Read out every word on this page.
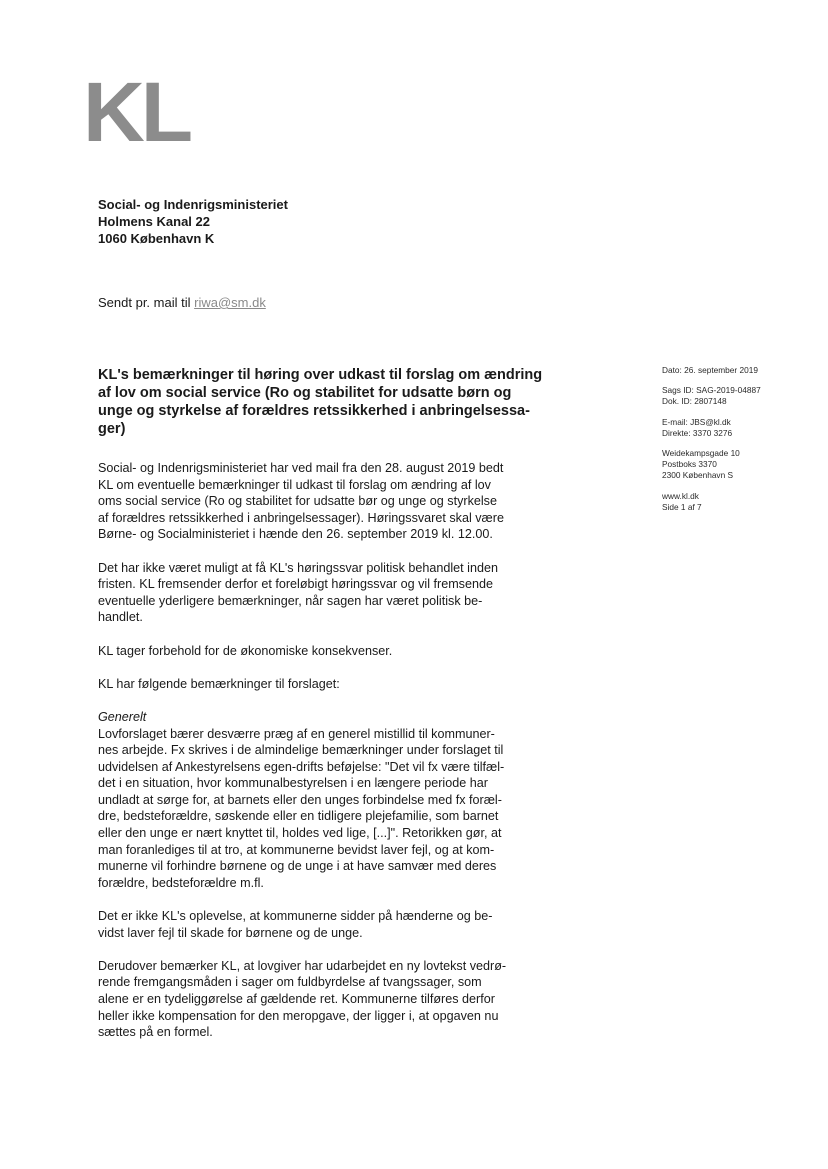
KL
Social- og Indenrigsministeriet
Holmens Kanal 22
1060 København K
Sendt pr. mail til riwa@sm.dk
KL's bemærkninger til høring over udkast til forslag om ændring
af lov om social service (Ro og stabilitet for udsatte børn og
unge og styrkelse af forældres retssikkerhed i anbringelsessa-
ger)
Dato: 26. september 2019
Sags ID: SAG-2019-04887
Dok. ID: 2807148
E-mail: JBS@kl.dk
Direkte: 3370 3276
Weidekampsgade 10
Postboks 3370
2300 København S
www.kl.dk
Side 1 af 7
Social- og Indenrigsministeriet har ved mail fra den 28. august 2019 bedt
KL om eventuelle bemærkninger til udkast til forslag om ændring af lov
oms social service (Ro og stabilitet for udsatte bør og unge og styrkelse
af forældres retssikkerhed i anbringelsessager). Høringssvaret skal være
Børne- og Socialministeriet i hænde den 26. september 2019 kl. 12.00.
Det har ikke været muligt at få KL's høringssvar politisk behandlet inden
fristen. KL fremsender derfor et foreløbigt høringssvar og vil fremsende
eventuelle yderligere bemærkninger, når sagen har været politisk be-
handlet.
KL tager forbehold for de økonomiske konsekvenser.
KL har følgende bemærkninger til forslaget:
Generelt
Lovforslaget bærer desværre præg af en generel mistillid til kommuner-
nes arbejde. Fx skrives i de almindelige bemærkninger under forslaget til
udvidelsen af Ankestyrelsens egen-drifts beføjelse: "Det vil fx være tilfæl-
det i en situation, hvor kommunalbestyrelsen i en længere periode har
undladt at sørge for, at barnets eller den unges forbindelse med fx foræl-
dre, bedsteforældre, søskende eller en tidligere plejefamilie, som barnet
eller den unge er nært knyttet til, holdes ved lige, [...]". Retorikken gør, at
man foranlediges til at tro, at kommunerne bevidst laver fejl, og at kom-
munerne vil forhindre børnene og de unge i at have samvær med deres
forældre, bedsteforældre m.fl.
Det er ikke KL's oplevelse, at kommunerne sidder på hænderne og be-
vidst laver fejl til skade for børnene og de unge.
Derudover bemærker KL, at lovgiver har udarbejdet en ny lovtekst vedrø-
rende fremgangsmåden i sager om fuldbyrdelse af tvangssager, som
alene er en tydeliggørelse af gældende ret. Kommunerne tilføres derfor
heller ikke kompensation for den meropgave, der ligger i, at opgaven nu
sættes på en formel.
